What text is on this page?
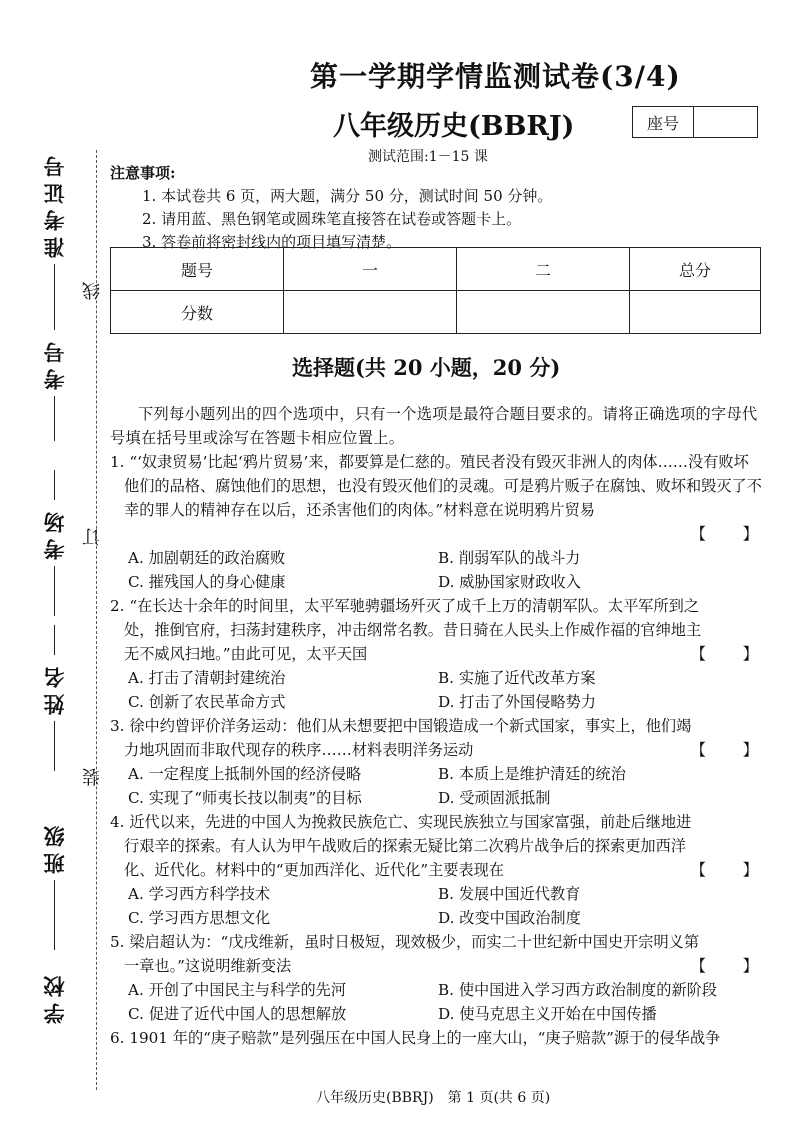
准考证号
考号
考场
姓名
班级
学校
线
订
装
第一学期学情监测试卷(3/4)
八年级历史(BBRJ)	座号
测试范围:1－15 课
注意事项:
1. 本试卷共 6 页，两大题，满分 50 分，测试时间 50 分钟。
2. 请用蓝、黑色钢笔或圆珠笔直接答在试卷或答题卡上。
3. 答卷前将密封线内的项目填写清楚。
题号	一	二	总分
分数			
选择题(共 20 小题，20 分)
下列每小题列出的四个选项中，只有一个选项是最符合题目要求的。请将正确选项的字母代号填在括号里或涂写在答题卡相应位置上。
1. “‘奴隶贸易’比起‘鸦片贸易’来，都要算是仁慈的。殖民者没有毁灭非洲人的肉体……没有败坏他们的品格、腐蚀他们的思想，也没有毁灭他们的灵魂。可是鸦片贩子在腐蚀、败坏和毁灭了不幸的罪人的精神存在以后，还杀害他们的肉体。”材料意在说明鸦片贸易

【 】

A. 加剧朝廷的政治腐败	B. 削弱军队的战斗力
C. 摧残国人的身心健康	D. 威胁国家财政收入
【 】
2. “在长达十余年的时间里，太平军驰骋疆场歼灭了成千上万的清朝军队。太平军所到之处，推倒官府，扫荡封建秩序，冲击纲常名教。昔日骑在人民头上作威作福的官绅地主无不威风扫地。”由此可见，太平天国
A. 打击了清朝封建统治	B. 实施了近代改革方案
C. 创新了农民革命方式	D. 打击了外国侵略势力
【 】
3. 徐中约曾评价洋务运动：他们从未想要把中国锻造成一个新式国家，事实上，他们竭力地巩固而非取代现存的秩序……材料表明洋务运动
A. 一定程度上抵制外国的经济侵略	B. 本质上是维护清廷的统治
C. 实现了“师夷长技以制夷”的目标	D. 受顽固派抵制
【 】
4. 近代以来，先进的中国人为挽救民族危亡、实现民族独立与国家富强，前赴后继地进行艰辛的探索。有人认为甲午战败后的探索无疑比第二次鸦片战争后的探索更加西洋化、近代化。材料中的“更加西洋化、近代化”主要表现在
A. 学习西方科学技术	B. 发展中国近代教育
C. 学习西方思想文化	D. 改变中国政治制度
【 】
5. 梁启超认为：“戊戌维新，虽时日极短，现效极少，而实二十世纪新中国史开宗明义第一章也。”这说明维新变法
A. 开创了中国民主与科学的先河	B. 使中国进入学习西方政治制度的新阶段
C. 促进了近代中国人的思想解放	D. 使马克思主义开始在中国传播
6. 1901 年的“庚子赔款”是列强压在中国人民身上的一座大山，“庚子赔款”源于的侵华战争
八年级历史(BBRJ)　第 1 页(共 6 页)
